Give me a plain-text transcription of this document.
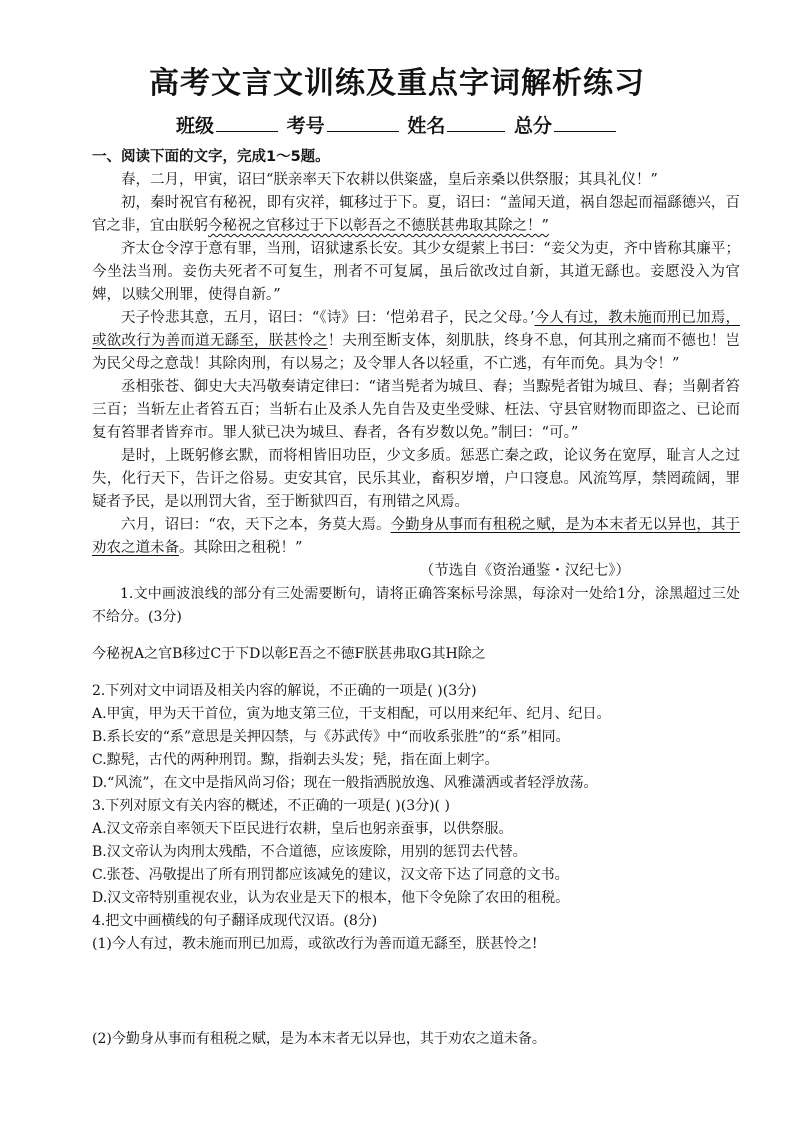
高考文言文训练及重点字词解析练习
班级	考号	姓名	总分

一、阅读下面的文字，完成1～5题。

春，二月，甲寅，诏曰“朕亲率天下农耕以供粢盛，皇后亲桑以供祭服；其具礼仪！”

初，秦时祝官有秘祝，即有灾祥，辄移过于下。夏，诏曰：“盖闻天道，祸自怨起而福繇德兴，百官之非，宜由朕躬今秘祝之官移过于下以彰吾之不德朕甚弗取其除之！”

齐太仓令淳于意有罪，当刑，诏狱逮系长安。其少女缇萦上书曰：“妾父为吏，齐中皆称其廉平；今坐法当刑。妾伤夫死者不可复生，刑者不可复属，虽后欲改过自新，其道无繇也。妾愿没入为官婢，以赎父刑罪，使得自新。”

天子怜悲其意，五月，诏曰：“《诗》曰：‘恺弟君子，民之父母。’今人有过，教未施而刑已加焉，或欲改行为善而道无繇至，朕甚怜之！夫刑至断支体，刻肌肤，终身不息，何其刑之痛而不德也！岂为民父母之意哉！其除肉刑，有以易之；及令罪人各以轻重，不亡逃，有年而免。具为令！”

丞相张苍、御史大夫冯敬奏请定律曰：“诸当髡者为城旦、舂；当黥髡者钳为城旦、舂；当劓者笞三百；当斩左止者笞五百；当斩右止及杀人先自告及吏坐受赇、枉法、守县官财物而即盗之、已论而复有笞罪者皆弃市。罪人狱已决为城旦、舂者，各有岁数以免。”制曰：“可。”

是时，上既躬修玄默，而将相皆旧功臣，少文多质。惩恶亡秦之政，论议务在宽厚，耻言人之过失，化行天下，告讦之俗易。吏安其官，民乐其业，畜积岁增，户口寖息。风流笃厚，禁罔疏阔，罪疑者予民，是以刑罚大省，至于断狱四百，有刑错之风焉。

六月，诏曰：“农，天下之本，务莫大焉。今勤身从事而有租税之赋，是为本末者无以异也，其于劝农之道未备。其除田之租税！”

（节选自《资治通鉴・汉纪七》）

1.文中画波浪线的部分有三处需要断句，请将正确答案标号涂黑，每涂对一处给1分，涂黑超过三处不给分。(3分)

今秘祝A之官B移过C于下D以彰E吾之不德F朕甚弗取G其H除之

2.下列对文中词语及相关内容的解说，不正确的一项是( )(3分)

A.甲寅，甲为天干首位，寅为地支第三位，干支相配，可以用来纪年、纪月、纪日。

B.系长安的“系”意思是关押囚禁，与《苏武传》中“而收系张胜”的“系”相同。

C.黥髡，古代的两种刑罚。黥，指剃去头发；髡，指在面上刺字。

D.“风流”，在文中是指风尚习俗；现在一般指洒脱放逸、风雅潇洒或者轻浮放荡。

3.下列对原文有关内容的概述，不正确的一项是( )(3分)( )

A.汉文帝亲自率领天下臣民进行农耕，皇后也躬亲蚕事，以供祭服。

B.汉文帝认为肉刑太残酷，不合道德，应该废除，用别的惩罚去代替。

C.张苍、冯敬提出了所有刑罚都应该减免的建议，汉文帝下达了同意的文书。

D.汉文帝特别重视农业，认为农业是天下的根本，他下令免除了农田的租税。

4.把文中画横线的句子翻译成现代汉语。(8分)

(1)今人有过，教未施而刑已加焉，或欲改行为善而道无繇至，朕甚怜之!

(2)今勤身从事而有租税之赋，是为本末者无以异也，其于劝农之道未备。
